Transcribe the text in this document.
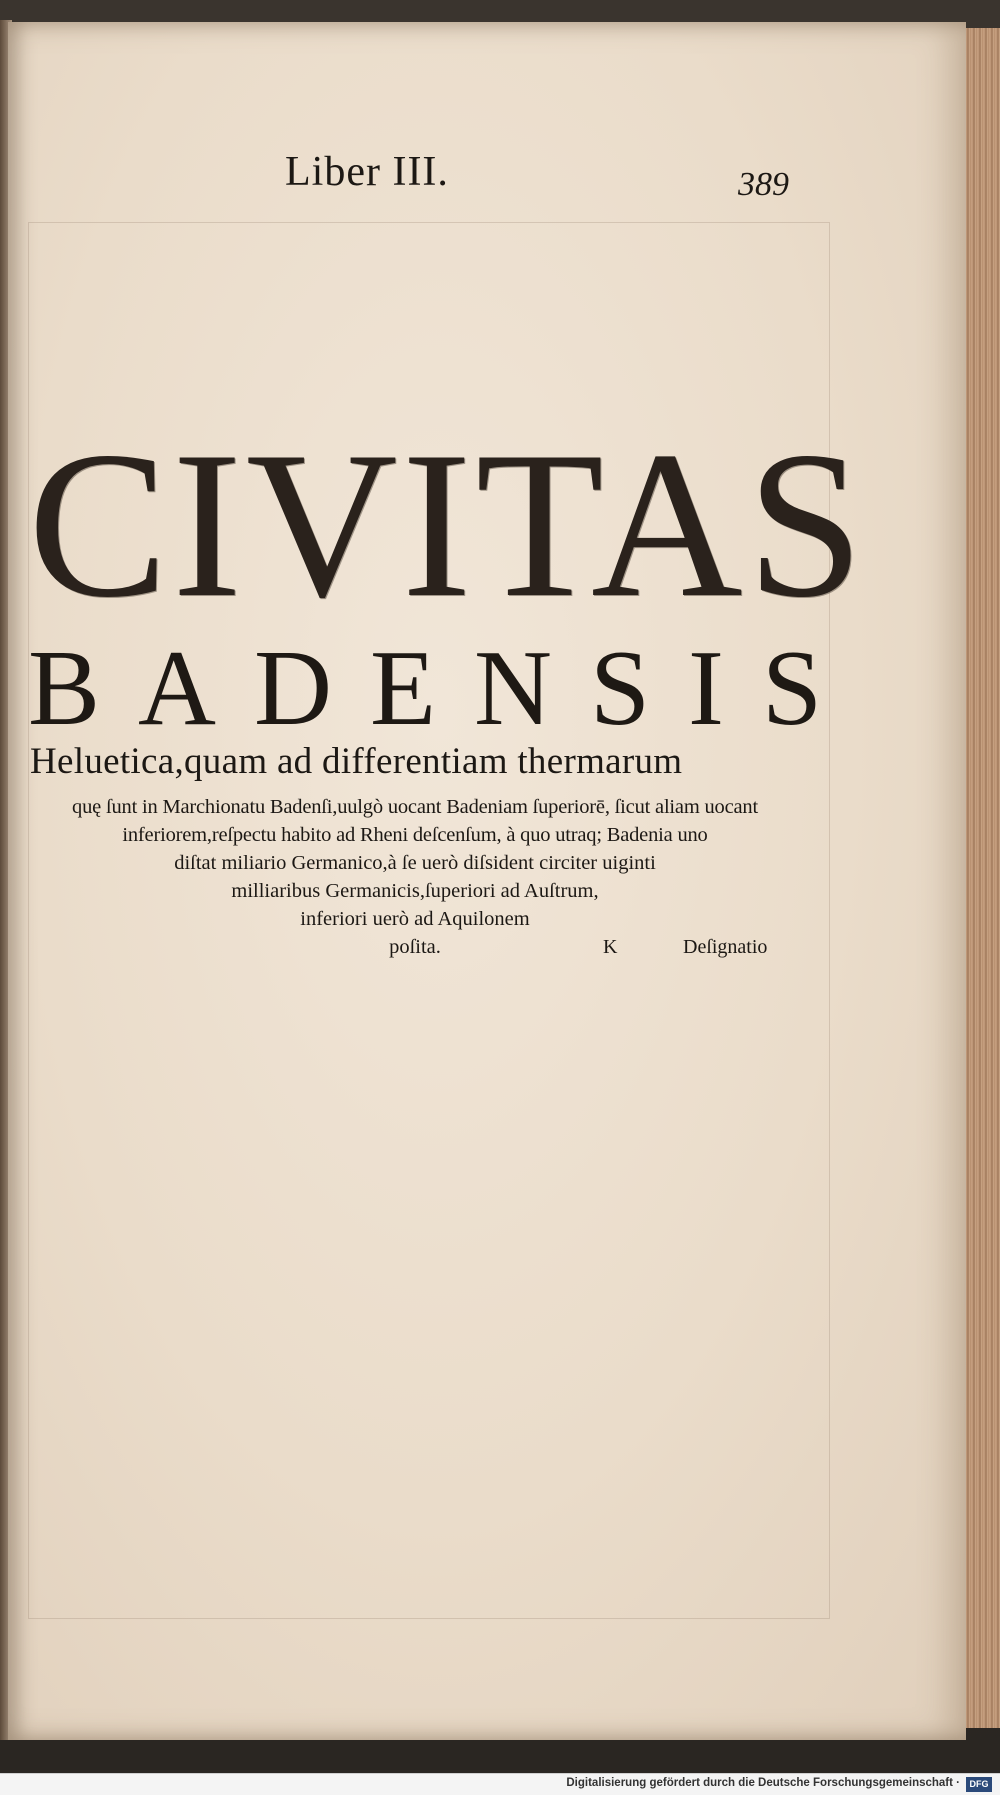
Liber III.	389
CIVITAS
BADENSIS
Heluetica,quam ad differentiam thermarum
quę ſunt in Marchionatu Badenſi,uulgò uocant Badeniam ſuperiorē, ſicut aliam uocant
inferiorem,reſpectu habito ad Rheni deſcenſum, à quo utraq; Badenia uno
diſtat miliario Germanico,à ſe uerò diſsident circiter uiginti
milliaribus Germanicis,ſuperiori ad Auſtrum,
inferiori uerò ad Aquilonem
poſita.	K	Deſignatio
Digitalisierung gefördert durch die Deutsche Forschungsgemeinschaft ·	DFG
